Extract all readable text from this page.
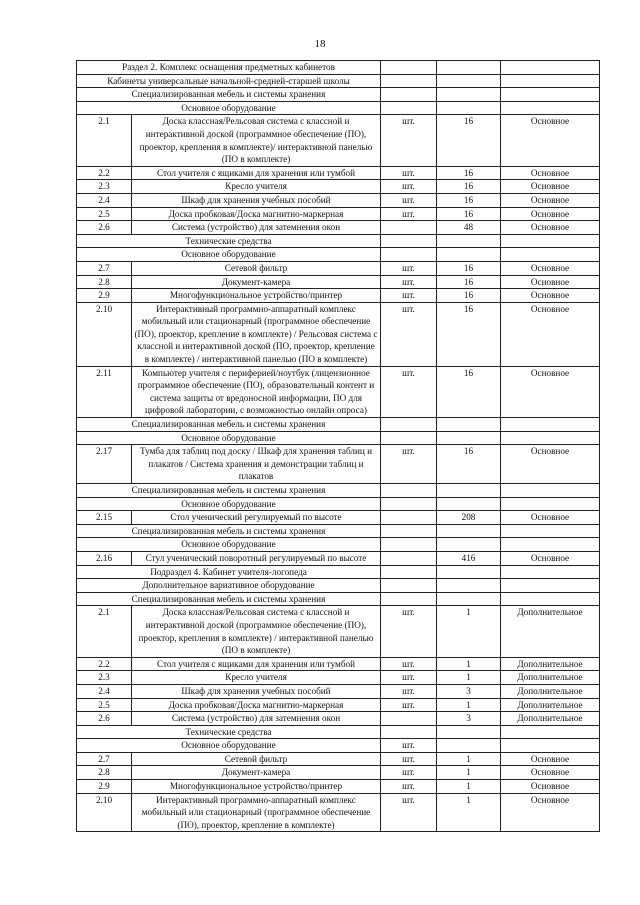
18
Раздел 2. Комплекс оснащения предметных кабинетов				
Кабинеты универсальные начальной-средней-старшей школы				
Специализированная мебель и системы хранения				
Основное оборудование				
2.1	Доска классная/Рельсовая система с классной и интерактивной доской (программное обеспечение (ПО), проектор, крепления в комплекте)/ интерактивной панелью (ПО в комплекте)	шт.	16	Основное
2.2	Стол учителя с ящиками для хранения или тумбой	шт.	16	Основное
2.3	Кресло учителя	шт.	16	Основное
2.4	Шкаф для хранения учебных пособий	шт.	16	Основное
2.5	Доска пробковая/Доска магнитно-маркерная	шт.	16	Основное
2.6	Система (устройство) для затемнения окон		48	Основное
Технические средства				
Основное оборудование				
2.7	Сетевой фильтр	шт.	16	Основное
2.8	Документ-камера	шт.	16	Основное
2.9	Многофункциональное устройство/принтер	шт.	16	Основное
2.10	Интерактивный программно-аппаратный комплекс мобильный или стационарный (программное обеспечение (ПО), проектор, крепление в комплекте) / Рельсовая система с классной и интерактивной доской (ПО, проектор, крепление в комплекте) / интерактивной панелью (ПО в комплекте)	шт.	16	Основное
2.11	Компьютер учителя с периферией/ноутбук (лицензионное программное обеспечение (ПО), образовательный контент и система защиты от вредоносной информации, ПО для цифровой лаборатории, с возможностью онлайн опроса)	шт.	16	Основное
Специализированная мебель и системы хранения				
Основное оборудование				
2.17	Тумба для таблиц под доску / Шкаф для хранения таблиц и плакатов / Система хранения и демонстрации таблиц и плакатов	шт.	16	Основное
Специализированная мебель и системы хранения				
Основное оборудование				
2.15	Стол ученический регулируемый по высоте		208	Основное
Специализированная мебель и системы хранения				
Основное оборудование				
2.16	Стул ученический поворотный регулируемый по высоте		416	Основное
Подраздел 4. Кабинет учителя-логопеда				
Дополнительное вариативное оборудование				
Специализированная мебель и системы хранения				
2.1	Доска классная/Рельсовая система с классной и интерактивной доской (программное обеспечение (ПО), проектор, крепления в комплекте) / интерактивной панелью (ПО в комплекте)	шт.	1	Дополнительное
2.2	Стол учителя с ящиками для хранения или тумбой	шт.	1	Дополнительное
2.3	Кресло учителя	шт.	1	Дополнительное
2.4	Шкаф для хранения учебных пособий	шт.	3	Дополнительное
2.5	Доска пробковая/Доска магнитно-маркерная	шт.	1	Дополнительное
2.6	Система (устройство) для затемнения окон		3	Дополнительное
Технические средства				
Основное оборудование		шт.		
2.7	Сетевой фильтр	шт.	1	Основное
2.8	Документ-камера	шт.	1	Основное
2.9	Многофункциональное устройство/принтер	шт.	1	Основное
2.10	Интерактивный программно-аппаратный комплекс мобильный или стационарный (программное обеспечение (ПО), проектор, крепление в комплекте)	шт.	1	Основное
